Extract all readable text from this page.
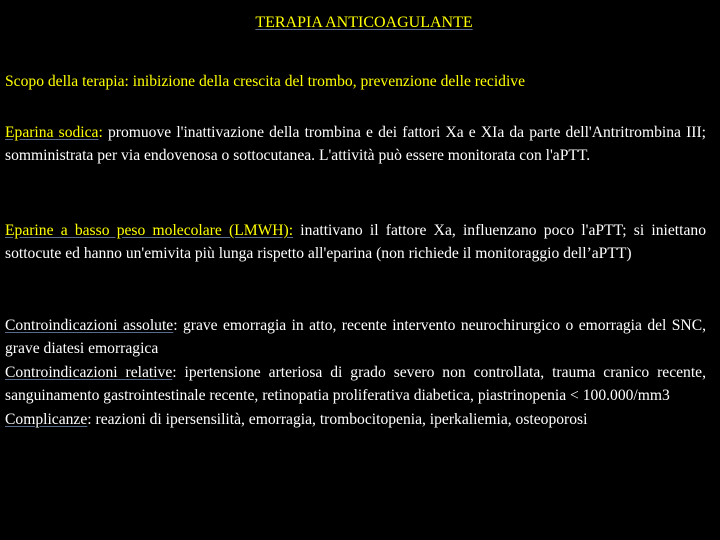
TERAPIA ANTICOAGULANTE

Scopo della terapia: inibizione della crescita del trombo, prevenzione delle recidive

Eparina sodica: promuove l'inattivazione della trombina e dei fattori Xa e XIa da parte dell'Antritrombina III; somministrata per via endovenosa o sottocutanea. L'attività può essere monitorata con l'aPTT.

Eparine a basso peso molecolare (LMWH): inattivano il fattore Xa, influenzano poco l'aPTT; si iniettano sottocute ed hanno un'emivita più lunga rispetto all'eparina (non richiede il monitoraggio dell’aPTT)

Controindicazioni assolute: grave emorragia in atto, recente intervento neurochirurgico o emorragia del SNC, grave diatesi emorragica
Controindicazioni relative: ipertensione arteriosa di grado severo non controllata, trauma cranico recente, sanguinamento gastrointestinale recente, retinopatia proliferativa diabetica, piastrinopenia < 100.000/mm3
Complicanze: reazioni di ipersensilità, emorragia, trombocitopenia, iperkaliemia, osteoporosi
